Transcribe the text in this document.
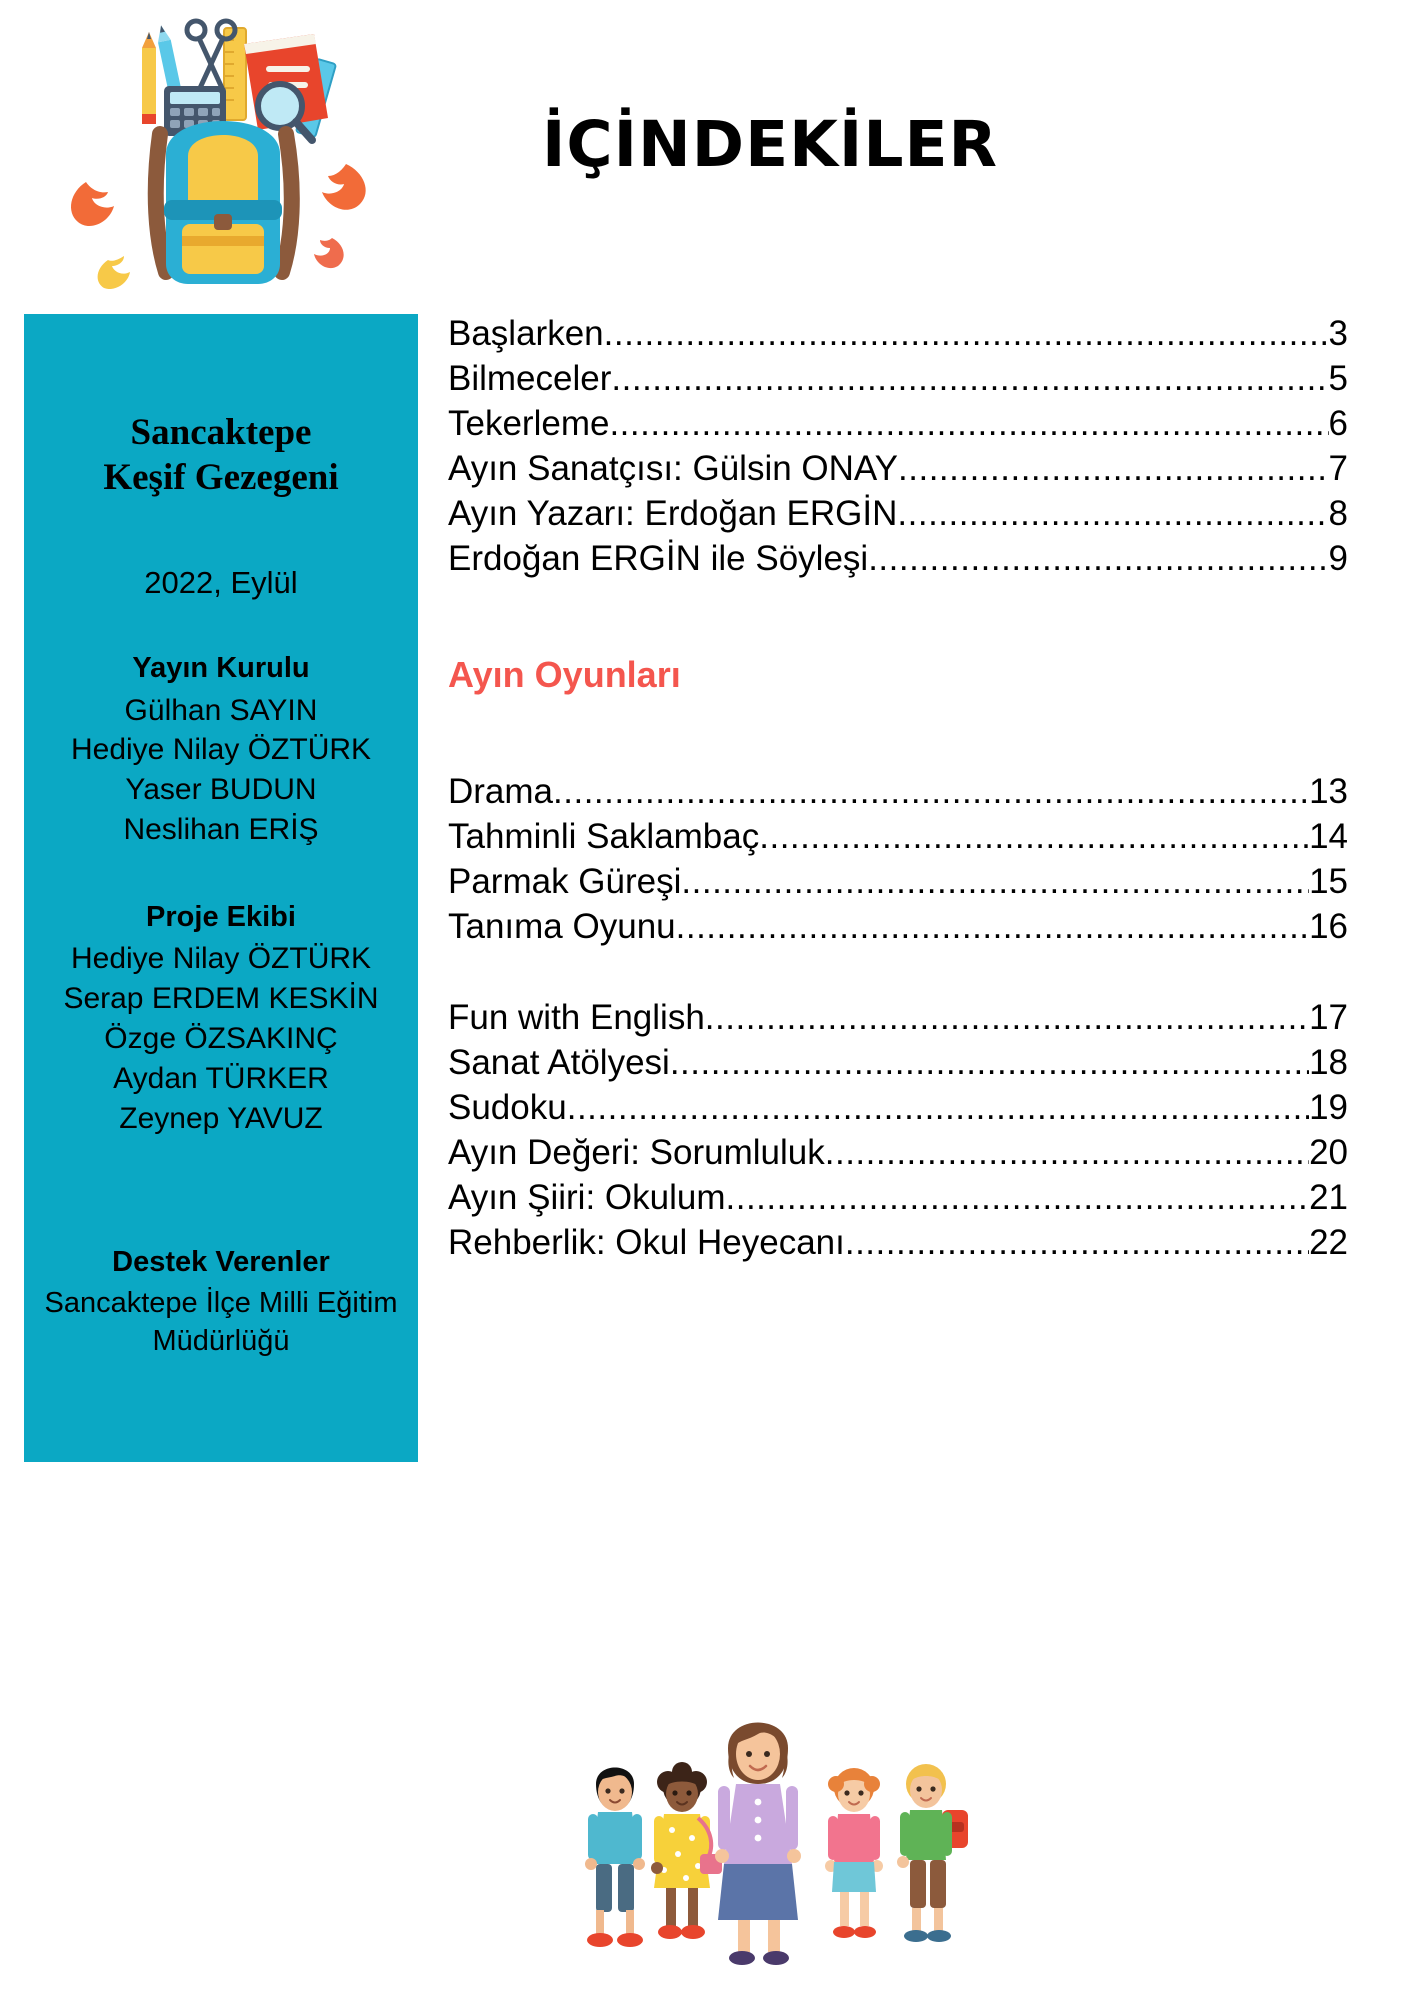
İÇİNDEKİLER
Sancaktepe
Keşif Gezegeni
2022, Eylül
Yayın Kurulu
Gülhan SAYIN
Hediye Nilay ÖZTÜRK
Yaser BUDUN
Neslihan ERİŞ
Proje Ekibi
Hediye Nilay ÖZTÜRK
Serap ERDEM KESKİN
Özge ÖZSAKINÇ
Aydan TÜRKER
Zeynep YAVUZ
Destek Verenler
Sancaktepe İlçe Milli Eğitim
Müdürlüğü
Başlarken .....	3
Bilmeceler .....	5
Tekerleme .....	6
Ayın Sanatçısı: Gülsin ONAY .....	7
Ayın Yazarı: Erdoğan ERGİN .....	8
Erdoğan ERGİN ile Söyleşi .....	9
Ayın Oyunları
Drama .....	13
Tahminli Saklambaç .....	14
Parmak Güreşi .....	15
Tanıma Oyunu .....	16
Fun with English .....	17
Sanat Atölyesi .....	18
Sudoku .....	19
Ayın Değeri: Sorumluluk .....	20
Ayın Şiiri: Okulum .....	21
Rehberlik: Okul Heyecanı .....	22
